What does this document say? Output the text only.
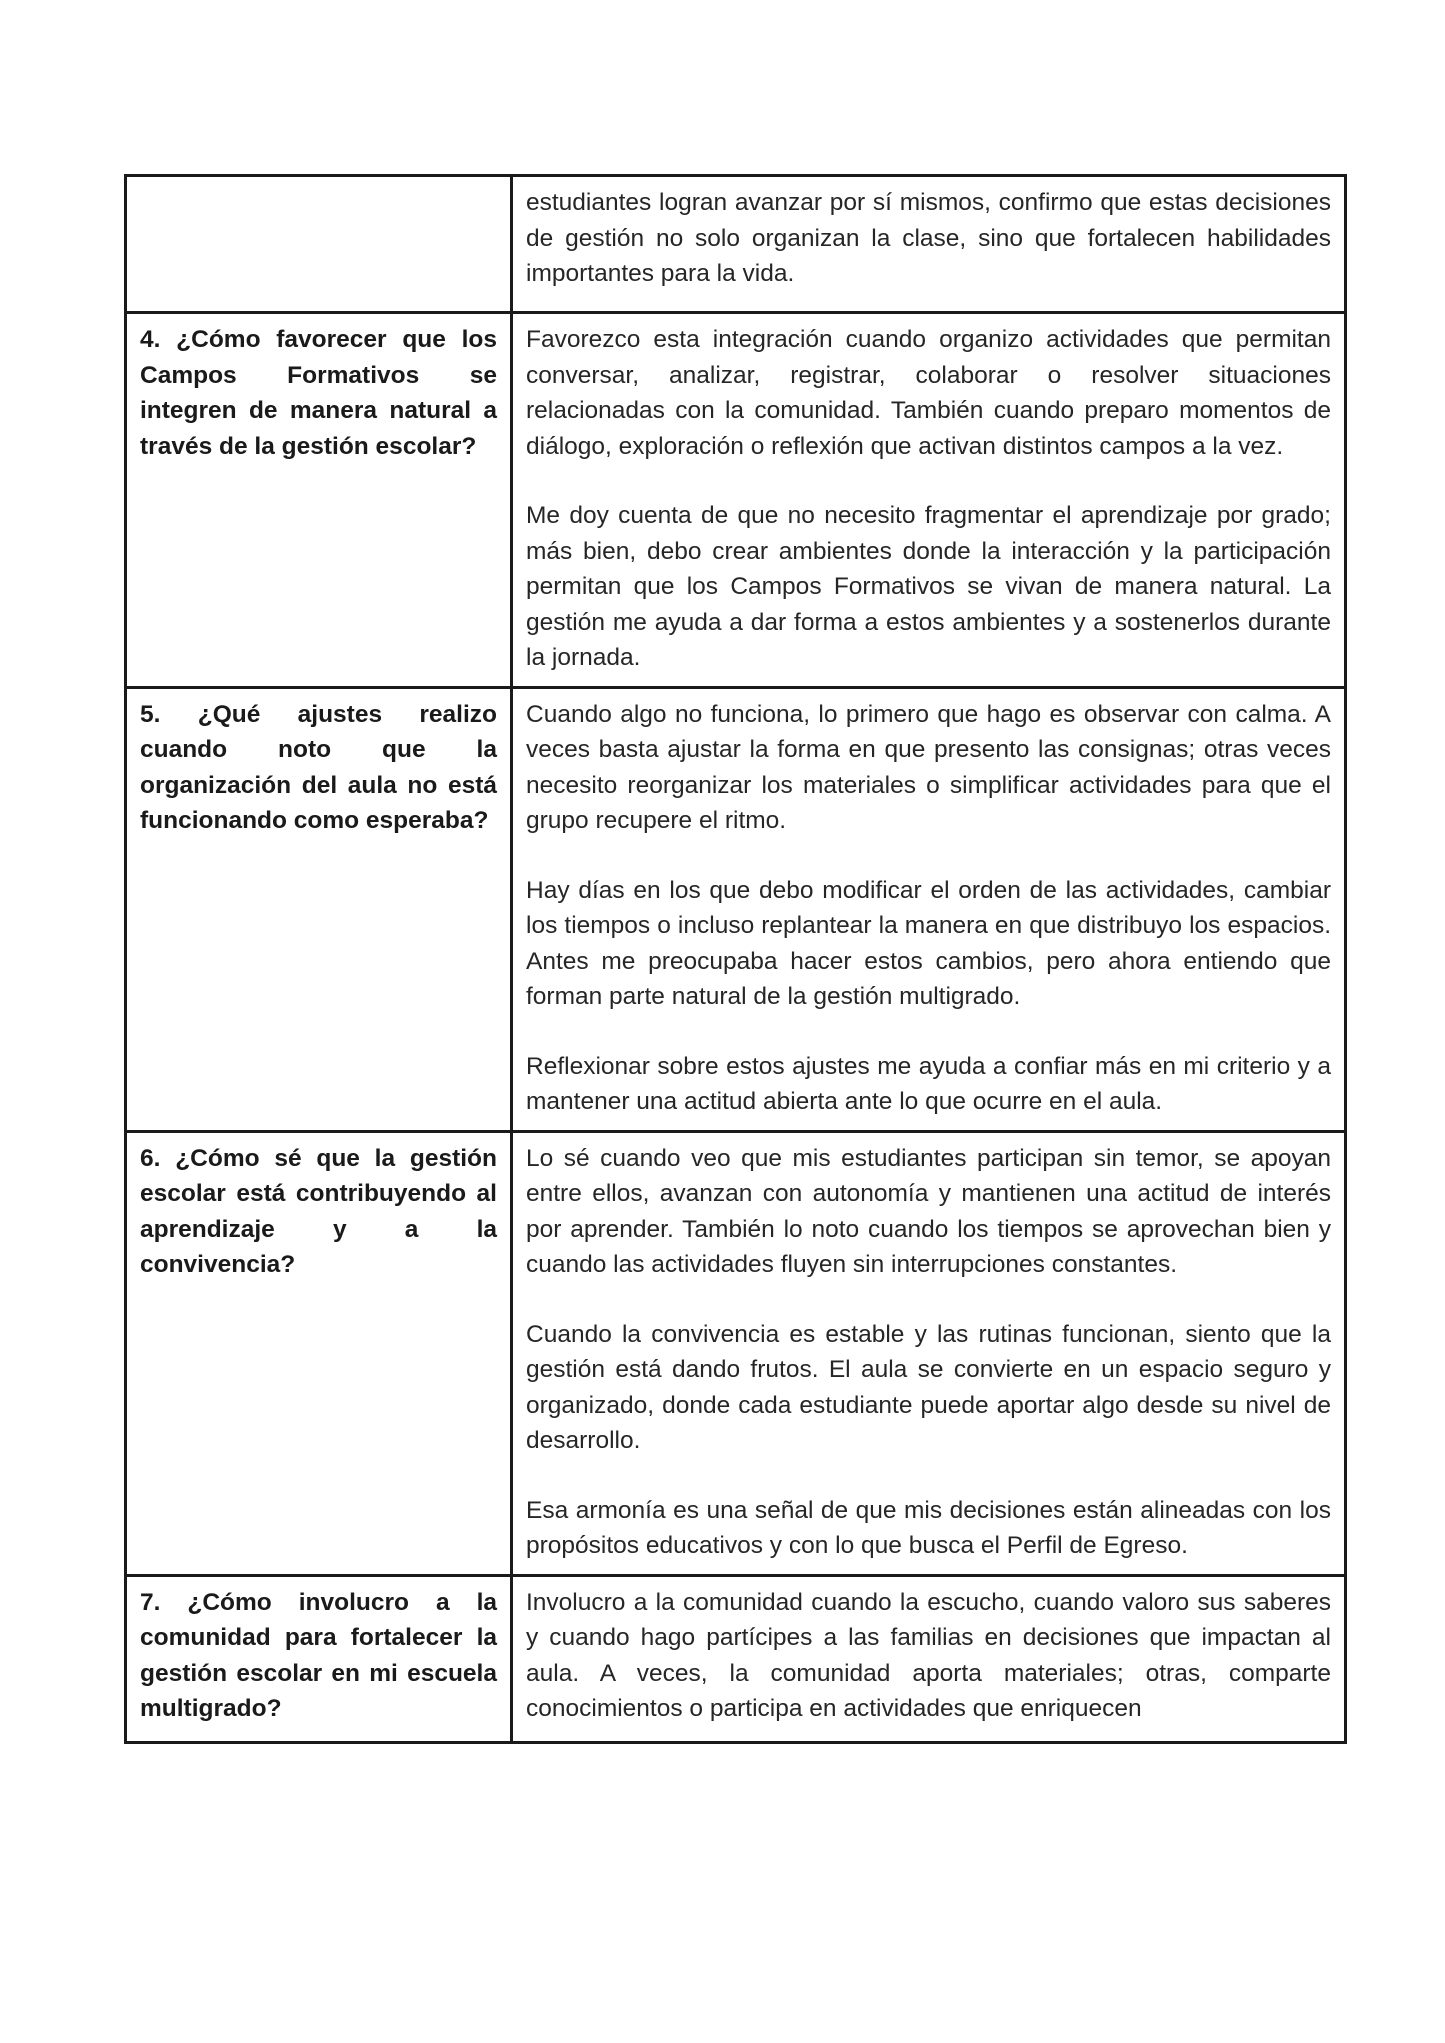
	estudiantes logran avanzar por sí mismos, confirmo que estas decisiones de gestión no solo organizan la clase, sino que fortalecen habilidades importantes para la vida.

4. ¿Cómo favorecer que los Campos Formativos se integren de manera natural a través de la gestión escolar?	Favorezco esta integración cuando organizo actividades que permitan conversar, analizar, registrar, colaborar o resolver situaciones relacionadas con la comunidad. También cuando preparo momentos de diálogo, exploración o reflexión que activan distintos campos a la vez.

Me doy cuenta de que no necesito fragmentar el aprendizaje por grado; más bien, debo crear ambientes donde la interacción y la participación permitan que los Campos Formativos se vivan de manera natural. La gestión me ayuda a dar forma a estos ambientes y a sostenerlos durante la jornada.

5. ¿Qué ajustes realizo cuando noto que la organización del aula no está funcionando como esperaba?	Cuando algo no funciona, lo primero que hago es observar con calma. A veces basta ajustar la forma en que presento las consignas; otras veces necesito reorganizar los materiales o simplificar actividades para que el grupo recupere el ritmo.

Hay días en los que debo modificar el orden de las actividades, cambiar los tiempos o incluso replantear la manera en que distribuyo los espacios. Antes me preocupaba hacer estos cambios, pero ahora entiendo que forman parte natural de la gestión multigrado.

Reflexionar sobre estos ajustes me ayuda a confiar más en mi criterio y a mantener una actitud abierta ante lo que ocurre en el aula.

6. ¿Cómo sé que la gestión escolar está contribuyendo al aprendizaje y a la convivencia?	Lo sé cuando veo que mis estudiantes participan sin temor, se apoyan entre ellos, avanzan con autonomía y mantienen una actitud de interés por aprender. También lo noto cuando los tiempos se aprovechan bien y cuando las actividades fluyen sin interrupciones constantes.

Cuando la convivencia es estable y las rutinas funcionan, siento que la gestión está dando frutos. El aula se convierte en un espacio seguro y organizado, donde cada estudiante puede aportar algo desde su nivel de desarrollo.

Esa armonía es una señal de que mis decisiones están alineadas con los propósitos educativos y con lo que busca el Perfil de Egreso.

7. ¿Cómo involucro a la comunidad para fortalecer la gestión escolar en mi escuela multigrado?	Involucro a la comunidad cuando la escucho, cuando valoro sus saberes y cuando hago partícipes a las familias en decisiones que impactan al aula. A veces, la comunidad aporta materiales; otras, comparte conocimientos o participa en actividades que enriquecen
